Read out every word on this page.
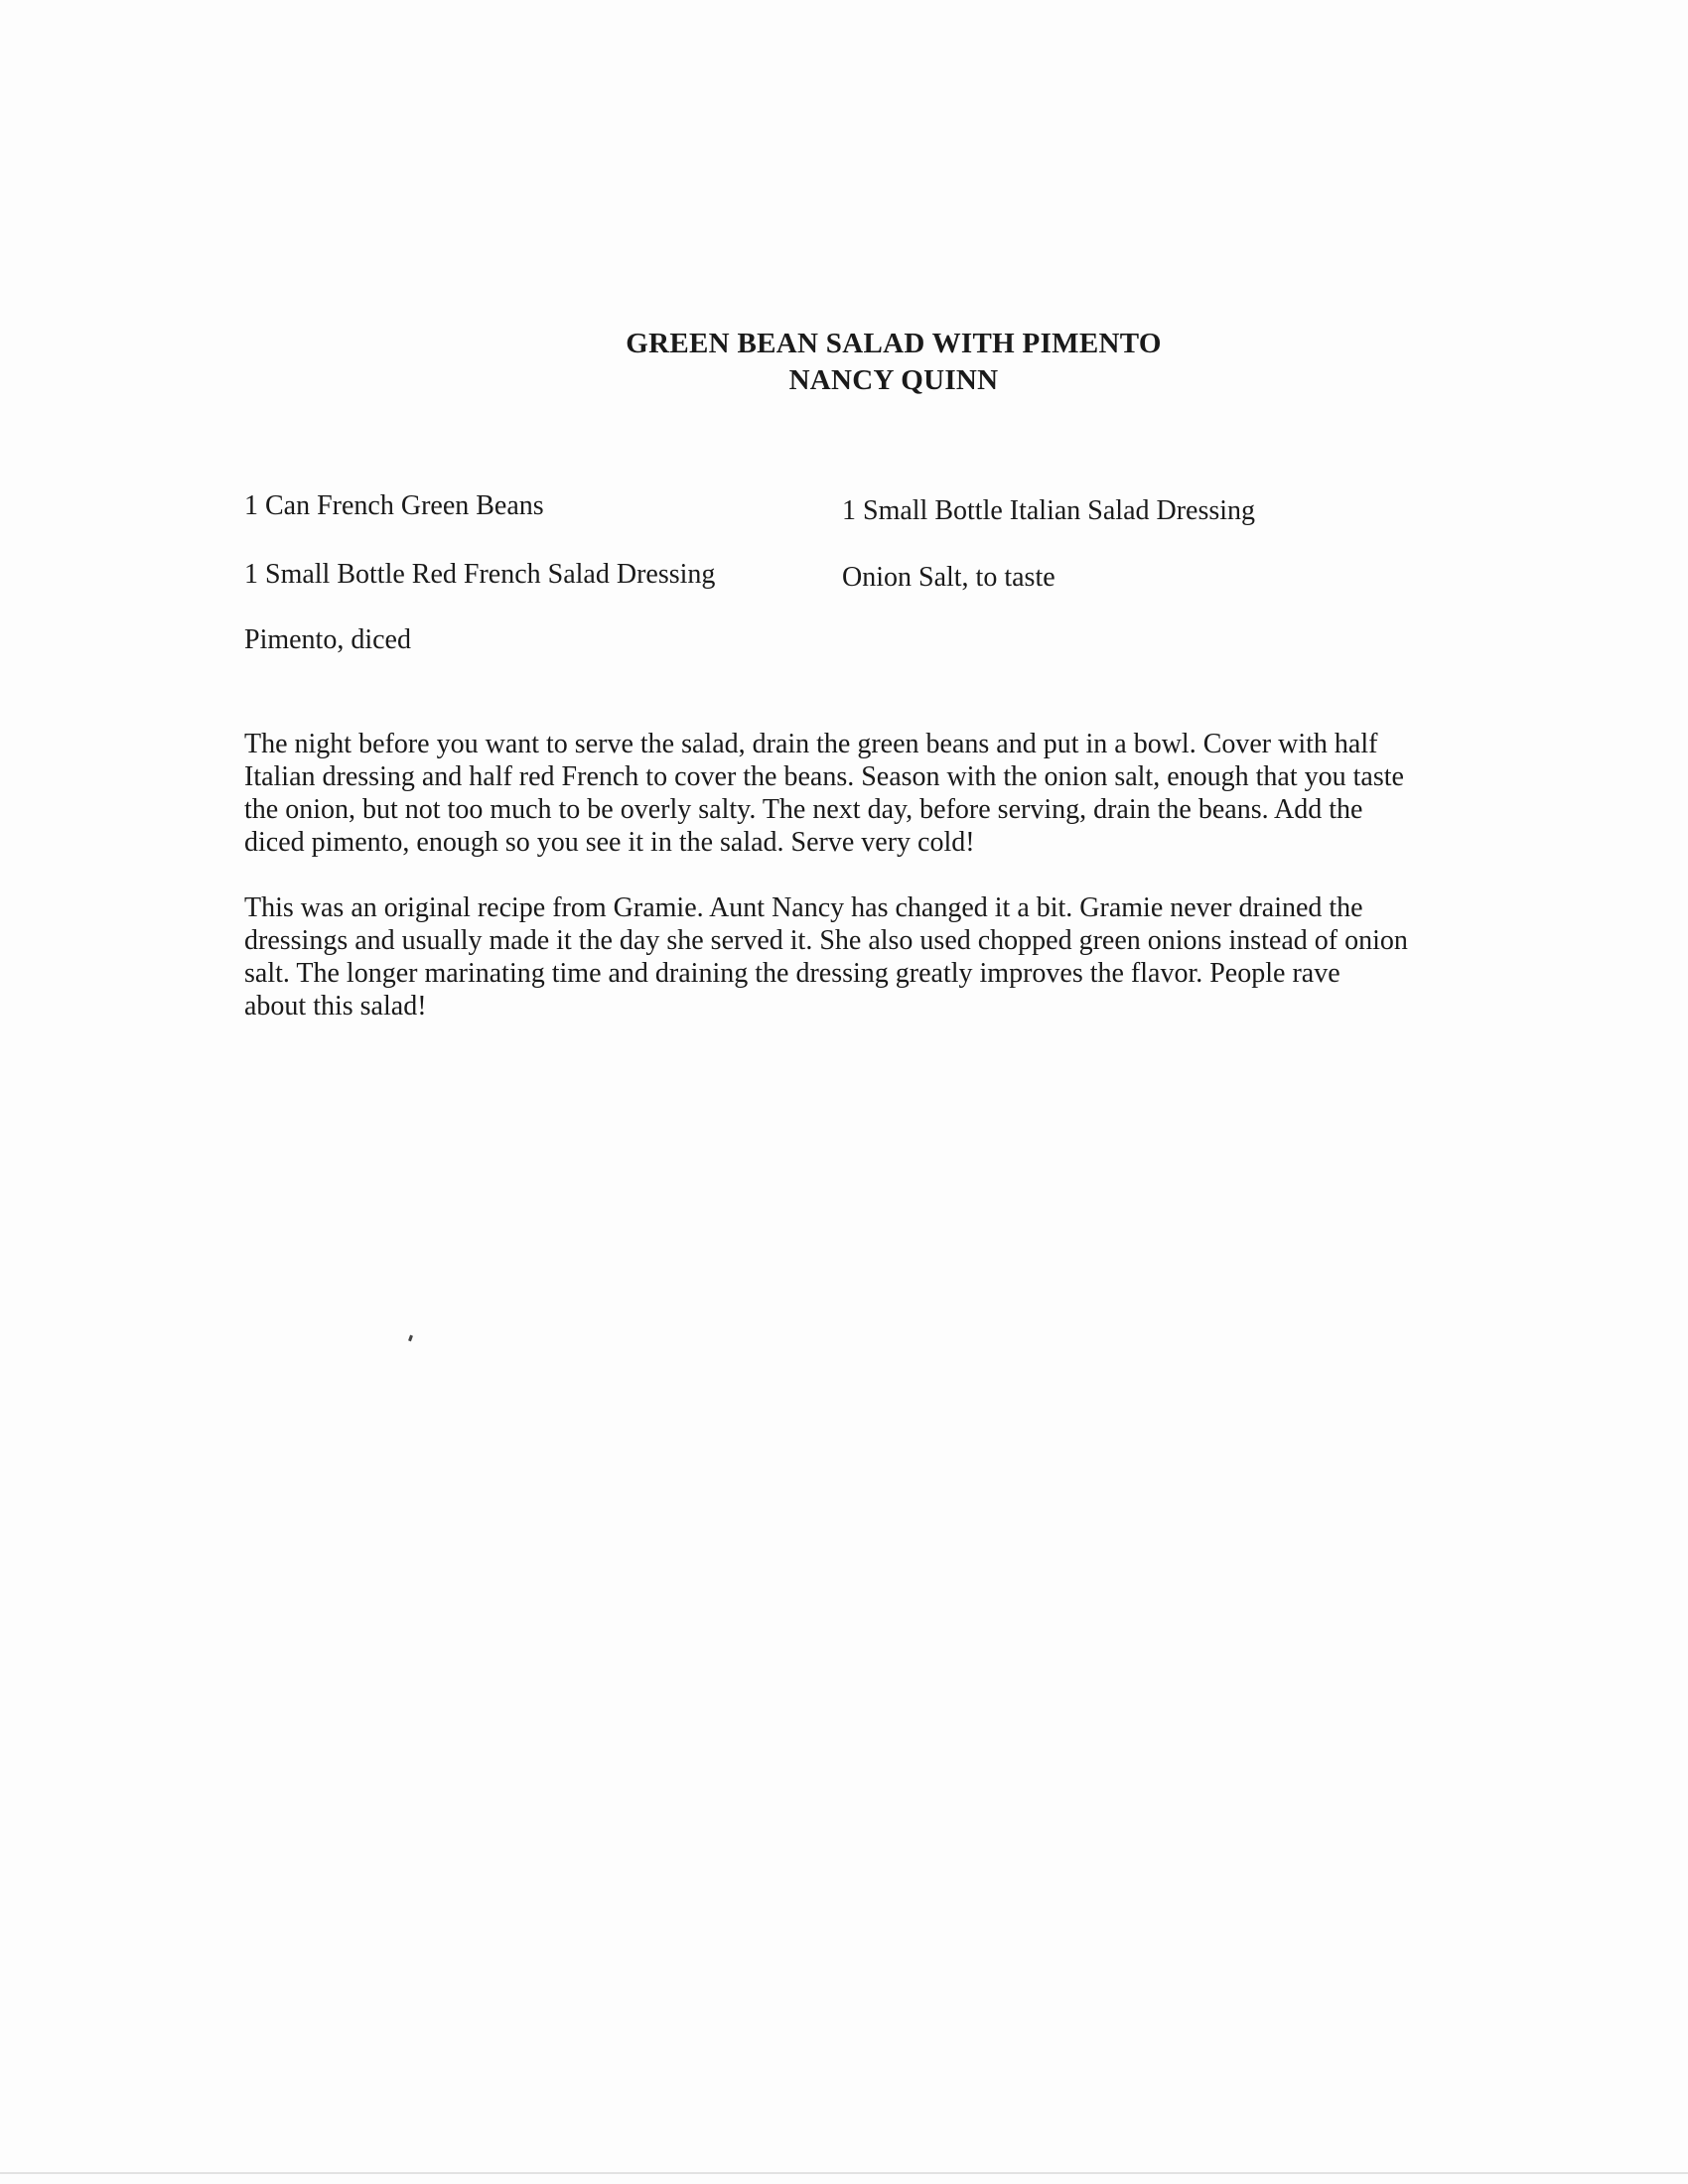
GREEN BEAN SALAD WITH PIMENTO
NANCY QUINN
1 Can French Green Beans	1 Small Bottle Italian Salad Dressing
1 Small Bottle Red French Salad Dressing	Onion Salt, to taste
Pimento, diced
The night before you want to serve the salad, drain the green beans and put in a bowl. Cover with half
Italian dressing and half red French to cover the beans. Season with the onion salt, enough that you taste
the onion, but not too much to be overly salty. The next day, before serving, drain the beans. Add the
diced pimento, enough so you see it in the salad. Serve very cold!
This was an original recipe from Gramie. Aunt Nancy has changed it a bit. Gramie never drained the
dressings and usually made it the day she served it. She also used chopped green onions instead of onion
salt. The longer marinating time and draining the dressing greatly improves the flavor. People rave
about this salad!
